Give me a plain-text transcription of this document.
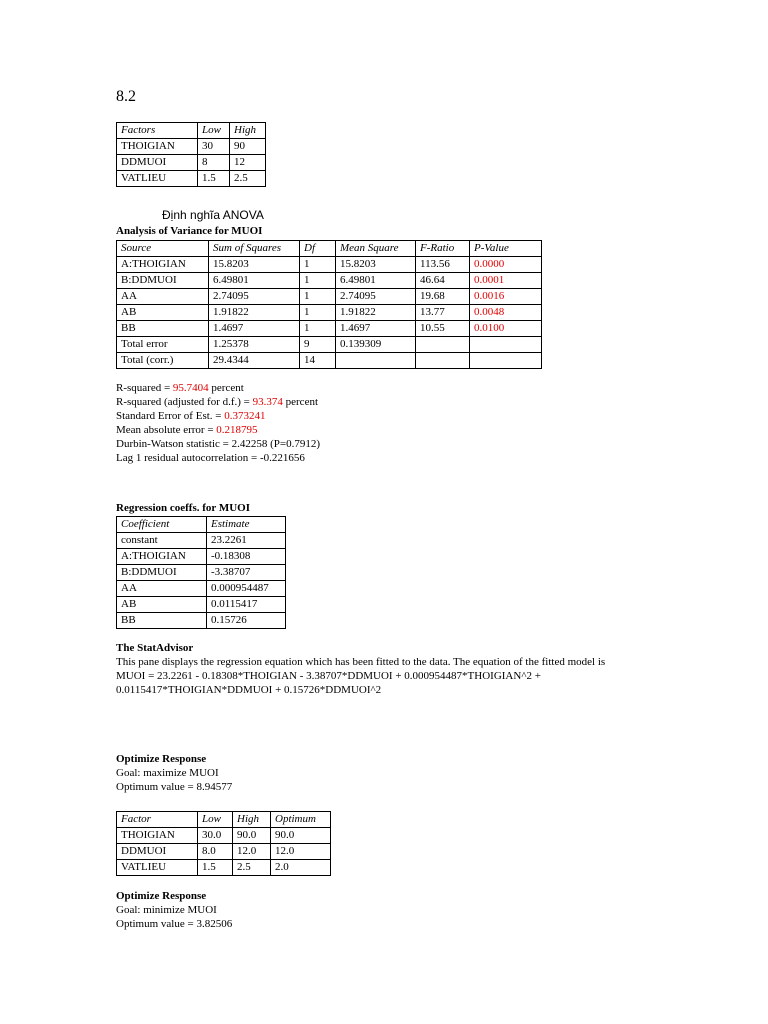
8.2
Factors	Low	High
THOIGIAN	30	90
DDMUOI	8	12
VATLIEU	1.5	2.5
Định nghĩa ANOVA
Analysis of Variance for MUOI
Source	Sum of Squares	Df	Mean Square	F-Ratio	P-Value
A:THOIGIAN	15.8203	1	15.8203	113.56	0.0000
B:DDMUOI	6.49801	1	6.49801	46.64	0.0001
AA	2.74095	1	2.74095	19.68	0.0016
AB	1.91822	1	1.91822	13.77	0.0048
BB	1.4697	1	1.4697	10.55	0.0100
Total error	1.25378	9	0.139309		
Total (corr.)	29.4344	14			
R-squared = 95.7404 percent
R-squared (adjusted for d.f.) = 93.374 percent
Standard Error of Est. = 0.373241
Mean absolute error = 0.218795
Durbin-Watson statistic = 2.42258 (P=0.7912)
Lag 1 residual autocorrelation = -0.221656
Regression coeffs. for MUOI
Coefficient	Estimate
constant	23.2261
A:THOIGIAN	-0.18308
B:DDMUOI	-3.38707
AA	0.000954487
AB	0.0115417
BB	0.15726
The StatAdvisor
This pane displays the regression equation which has been fitted to the data. The equation of the fitted model is
MUOI = 23.2261 - 0.18308*THOIGIAN - 3.38707*DDMUOI + 0.000954487*THOIGIAN^2 +
0.0115417*THOIGIAN*DDMUOI + 0.15726*DDMUOI^2
Optimize Response
Goal: maximize MUOI
Optimum value = 8.94577
Factor	Low	High	Optimum
THOIGIAN	30.0	90.0	90.0
DDMUOI	8.0	12.0	12.0
VATLIEU	1.5	2.5	2.0
Optimize Response
Goal: minimize MUOI
Optimum value = 3.82506
